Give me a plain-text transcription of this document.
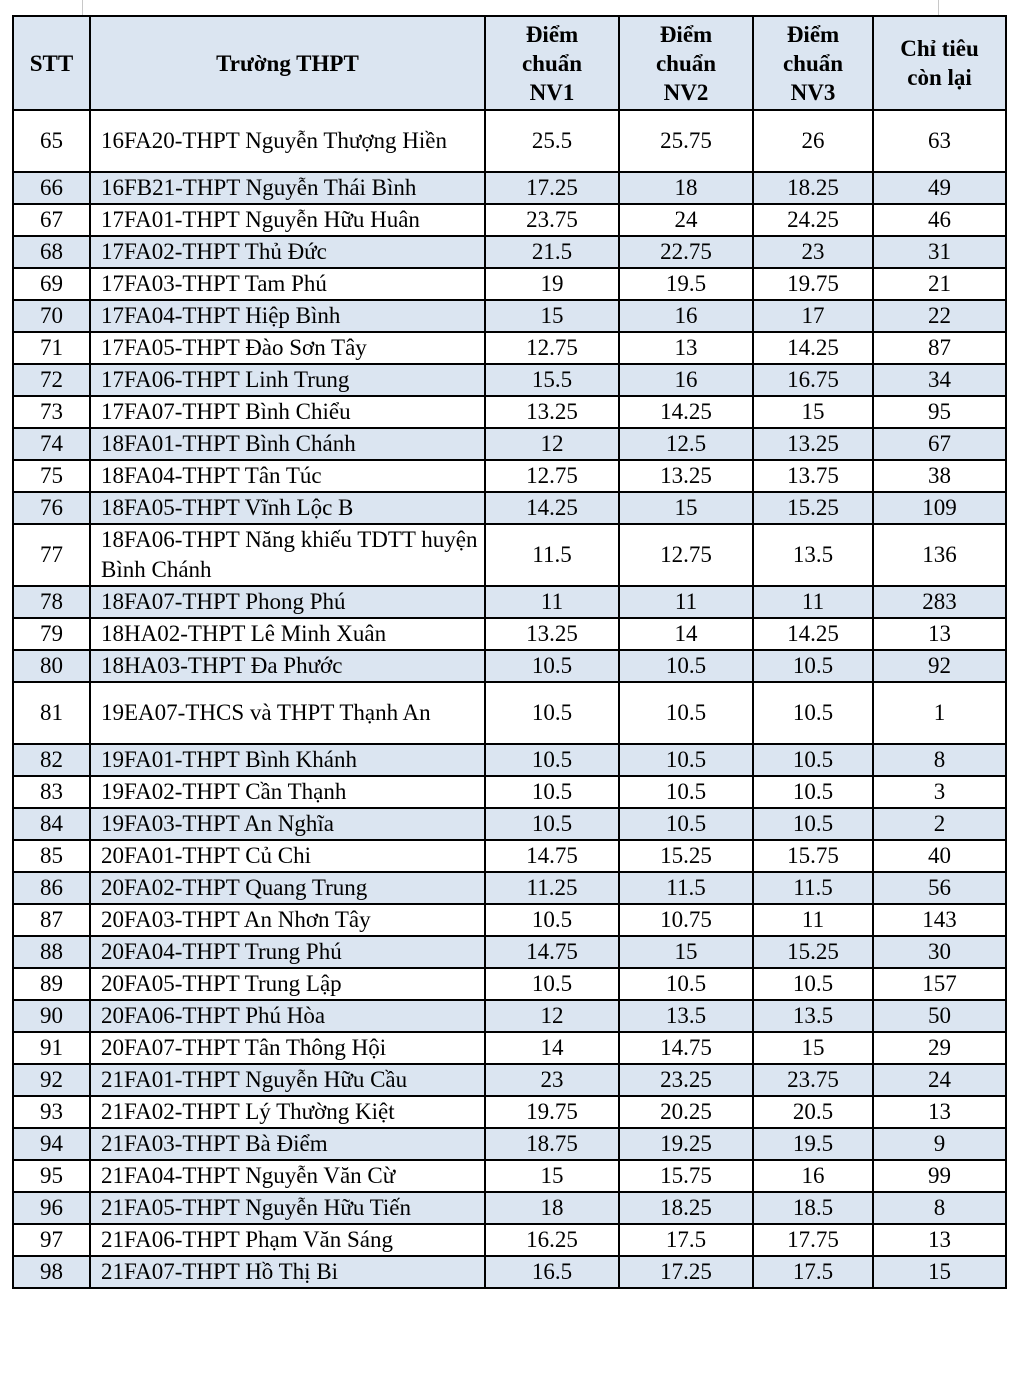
STT	Trường THPT	Điểm chuẩn NV1	Điểm chuẩn NV2	Điểm chuẩn NV3	Chỉ tiêu còn lại
65	16FA20-THPT Nguyễn Thượng Hiền	25.5	25.75	26	63
66	16FB21-THPT Nguyễn Thái Bình	17.25	18	18.25	49
67	17FA01-THPT Nguyễn Hữu Huân	23.75	24	24.25	46
68	17FA02-THPT Thủ Đức	21.5	22.75	23	31
69	17FA03-THPT Tam Phú	19	19.5	19.75	21
70	17FA04-THPT Hiệp Bình	15	16	17	22
71	17FA05-THPT Đào Sơn Tây	12.75	13	14.25	87
72	17FA06-THPT Linh Trung	15.5	16	16.75	34
73	17FA07-THPT Bình Chiểu	13.25	14.25	15	95
74	18FA01-THPT Bình Chánh	12	12.5	13.25	67
75	18FA04-THPT Tân Túc	12.75	13.25	13.75	38
76	18FA05-THPT Vĩnh Lộc B	14.25	15	15.25	109
77	18FA06-THPT Năng khiếu TDTT huyện Bình Chánh	11.5	12.75	13.5	136
78	18FA07-THPT Phong Phú	11	11	11	283
79	18HA02-THPT Lê Minh Xuân	13.25	14	14.25	13
80	18HA03-THPT Đa Phước	10.5	10.5	10.5	92
81	19EA07-THCS và THPT Thạnh An	10.5	10.5	10.5	1
82	19FA01-THPT Bình Khánh	10.5	10.5	10.5	8
83	19FA02-THPT Cần Thạnh	10.5	10.5	10.5	3
84	19FA03-THPT An Nghĩa	10.5	10.5	10.5	2
85	20FA01-THPT Củ Chi	14.75	15.25	15.75	40
86	20FA02-THPT Quang Trung	11.25	11.5	11.5	56
87	20FA03-THPT An Nhơn Tây	10.5	10.75	11	143
88	20FA04-THPT Trung Phú	14.75	15	15.25	30
89	20FA05-THPT Trung Lập	10.5	10.5	10.5	157
90	20FA06-THPT Phú Hòa	12	13.5	13.5	50
91	20FA07-THPT Tân Thông Hội	14	14.75	15	29
92	21FA01-THPT Nguyễn Hữu Cầu	23	23.25	23.75	24
93	21FA02-THPT Lý Thường Kiệt	19.75	20.25	20.5	13
94	21FA03-THPT Bà Điểm	18.75	19.25	19.5	9
95	21FA04-THPT Nguyễn Văn Cừ	15	15.75	16	99
96	21FA05-THPT Nguyễn Hữu Tiến	18	18.25	18.5	8
97	21FA06-THPT Phạm Văn Sáng	16.25	17.5	17.75	13
98	21FA07-THPT Hồ Thị Bi	16.5	17.25	17.5	15
DANTRI
